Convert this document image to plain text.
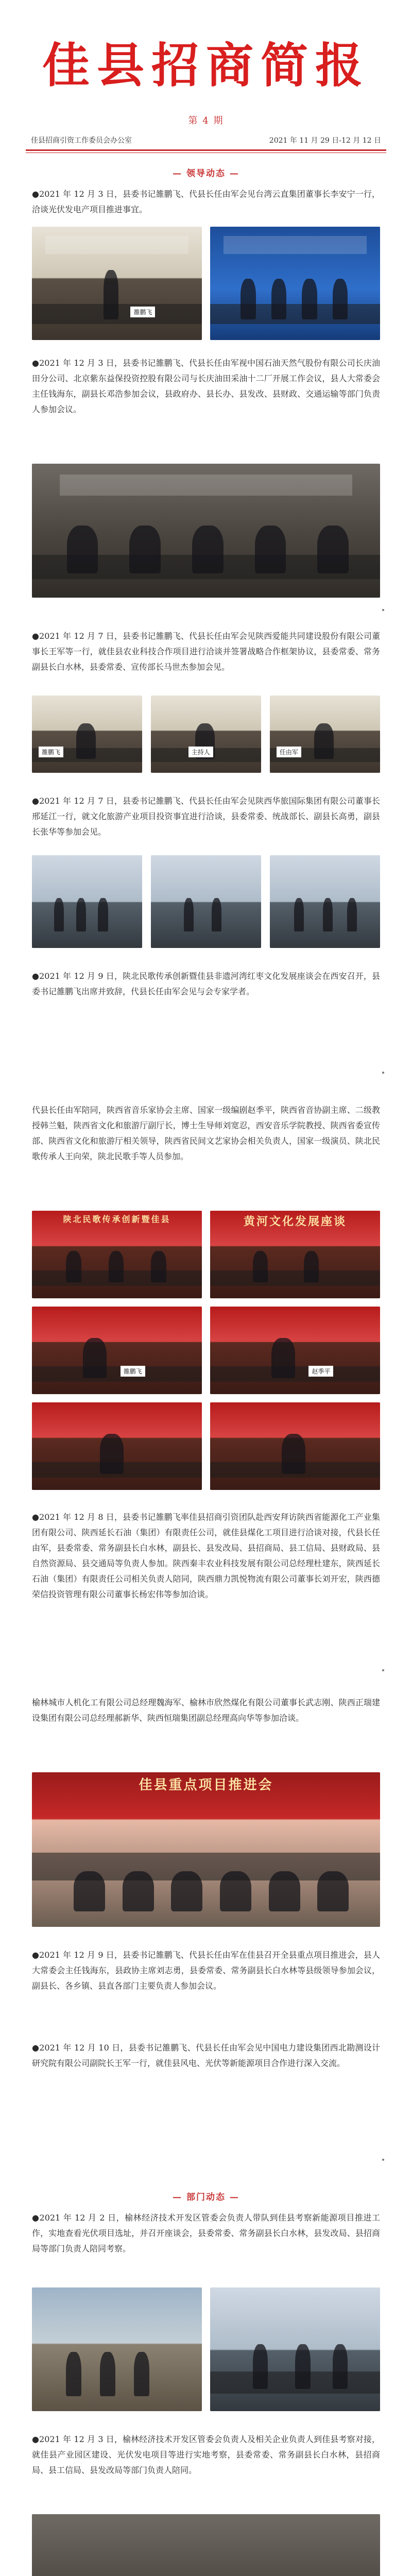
佳县招商简报
第 4 期
佳县招商引资工作委员会办公室	2021 年 11 月 29 日-12 月 12 日
— 领导动态 —

●2021 年 12 月 3 日，县委书记雒鹏飞、代县长任由军会见台湾云直集团董事长李安宁一行，洽谈光伏发电产项目推进事宜。

雒鹏飞

●2021 年 12 月 3 日，县委书记雒鹏飞、代县长任由军视中国石油天然气股份有限公司长庆油田分公司、北京紫东益保投资控股有限公司与长庆油田采油十二厂开展工作会议，县人大常委会主任钱海东，副县长邓浩参加会议，县政府办、县长办、县发改、县财政、交通运输等部门负责人参加会议。

●2021 年 12 月 7 日，县委书记雒鹏飞、代县长任由军会见陕西爱能共同建设股份有限公司董事长王军等一行，就佳县农业科技合作项目进行洽谈并签署战略合作框架协议，县委常委、常务副县长白水林，县委常委、宣传部长马世杰参加会见。

雒鹏飞	主持人	任由军

●2021 年 12 月 7 日，县委书记雒鹏飞、代县长任由军会见陕西华旅国际集团有限公司董事长邢延江一行，就文化旅游产业项目投资事宜进行洽谈，县委常委、统战部长、副县长高勇，副县长张华等参加会见。

●2021 年 12 月 9 日，陕北民歌传承创新暨佳县非遗河湾红枣文化发展座谈会在西安召开，县委书记雒鹏飞出席并致辞，代县长任由军会见与会专家学者。

代县长任由军陪同，陕西省音乐家协会主席、国家一级编剧赵季平，陕西省音协副主席、二级教授韩兰魁，陕西省文化和旅游厅副厅长，博士生导师刘宽忍，西安音乐学院教授、陕西省委宣传部、陕西省文化和旅游厅相关领导，陕西省民间文艺家协会相关负责人，国家一级演员、陕北民歌传承人王向荣，陕北民歌手等人员参加。

陕北民歌传承创新暨佳县	黄河文化发展座谈
雒鹏飞	赵季平

●2021 年 12 月 8 日，县委书记雒鹏飞率佳县招商引资团队赴西安拜访陕西省能源化工产业集团有限公司、陕西延长石油（集团）有限责任公司，就佳县煤化工项目进行洽谈对接，代县长任由军，县委常委、常务副县长白水林，副县长、县发改局、县招商局、县工信局、县财政局、县自然资源局、县交通局等负责人参加。陕西秦丰农业科技发展有限公司总经理杜建东，陕西延长石油（集团）有限责任公司相关负责人陪同，陕西鼎力凯悦物流有限公司董事长刘开宏，陕西德荣信投资管理有限公司董事长杨宏伟等参加洽谈。

榆林城市人机化工有限公司总经理魏海军、榆林市欣然煤化有限公司董事长武志刚、陕西正瑞建设集团有限公司总经理郝新华、陕西恒瑞集团副总经理高向华等参加洽谈。

佳县重点项目推进会

●2021 年 12 月 9 日，县委书记雒鹏飞、代县长任由军在佳县召开全县重点项目推进会，县人大常委会主任钱海东，县政协主席刘志勇，县委常委、常务副县长白水林等县级领导参加会议，副县长、各乡镇、县直各部门主要负责人参加会议。

●2021 年 12 月 10 日，县委书记雒鹏飞、代县长任由军会见中国电力建设集团西北勘测设计研究院有限公司副院长王军一行，就佳县风电、光伏等新能源项目合作进行深入交流。

— 部门动态 —

●2021 年 12 月 2 日，榆林经济技术开发区管委会负责人带队到佳县考察新能源项目推进工作，实地查看光伏项目选址，并召开座谈会，县委常委、常务副县长白水林，县发改局、县招商局等部门负责人陪同考察。

●2021 年 12 月 3 日，榆林经济技术开发区管委会负责人及相关企业负责人到佳县考察对接，就佳县产业园区建设、光伏发电项目等进行实地考察，县委常委、常务副县长白水林，县招商局、县工信局、县发改局等部门负责人陪同。
